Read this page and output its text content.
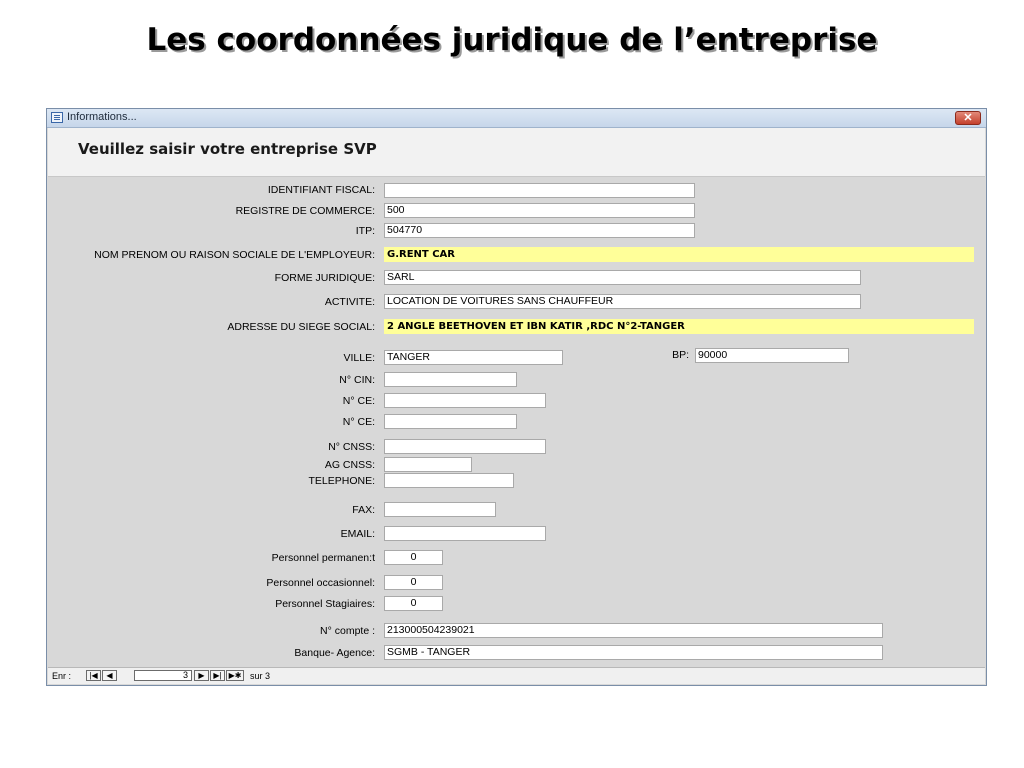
Les coordonnées juridique de l’entreprise
Informations...	✕
Veuillez saisir votre entreprise SVP
IDENTIFIANT FISCAL:
REGISTRE DE COMMERCE: 500
ITP: 504770
NOM PRENOM OU RAISON SOCIALE DE L'EMPLOYEUR:	G.RENT CAR
FORME JURIDIQUE: SARL
ACTIVITE: LOCATION DE VOITURES SANS CHAUFFEUR
ADRESSE DU SIEGE SOCIAL:	2 ANGLE BEETHOVEN ET IBN KATIR ,RDC N°2-TANGER
VILLE: TANGER	BP: 90000
N° CIN:
N° CE:
N° CE:
N° CNSS:
AG CNSS:
TELEPHONE:
FAX:
EMAIL:
Personnel permanen:t	0
Personnel occasionnel:	0
Personnel Stagiaires:	0
N° compte : 213000504239021
Banque- Agence: SGMB - TANGER
Enr :	|◀	◀	3	▶	▶| ▶✱ sur 3
